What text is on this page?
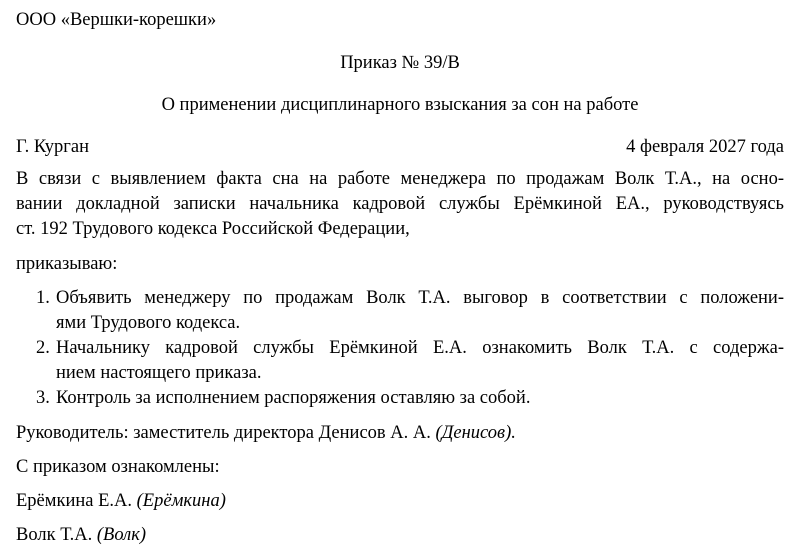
ООО «Вершки-корешки»
Приказ № 39/В
О применении дисциплинарного взыскания за сон на работе
Г. Курган	4 февраля 2027 года
В связи с выявлением факта сна на работе менеджера по продажам Волк Т.А., на осно-
вании докладной записки начальника кадровой службы Ерёмкиной ЕА., руководствуясь
ст. 192 Трудового кодекса Российской Федерации,
приказываю:
1. Объявить менеджеру по продажам Волк Т.А. выговор в соответствии с положени-
ями Трудового кодекса.
2. Начальнику кадровой службы Ерёмкиной Е.А. ознакомить Волк Т.А. с содержа-
нием настоящего приказа.
3. Контроль за исполнением распоряжения оставляю за собой.
Руководитель: заместитель директора Денисов А. А. (Денисов).
С приказом ознакомлены:
Ерёмкина Е.А. (Ерёмкина)
Волк Т.А. (Волк)
